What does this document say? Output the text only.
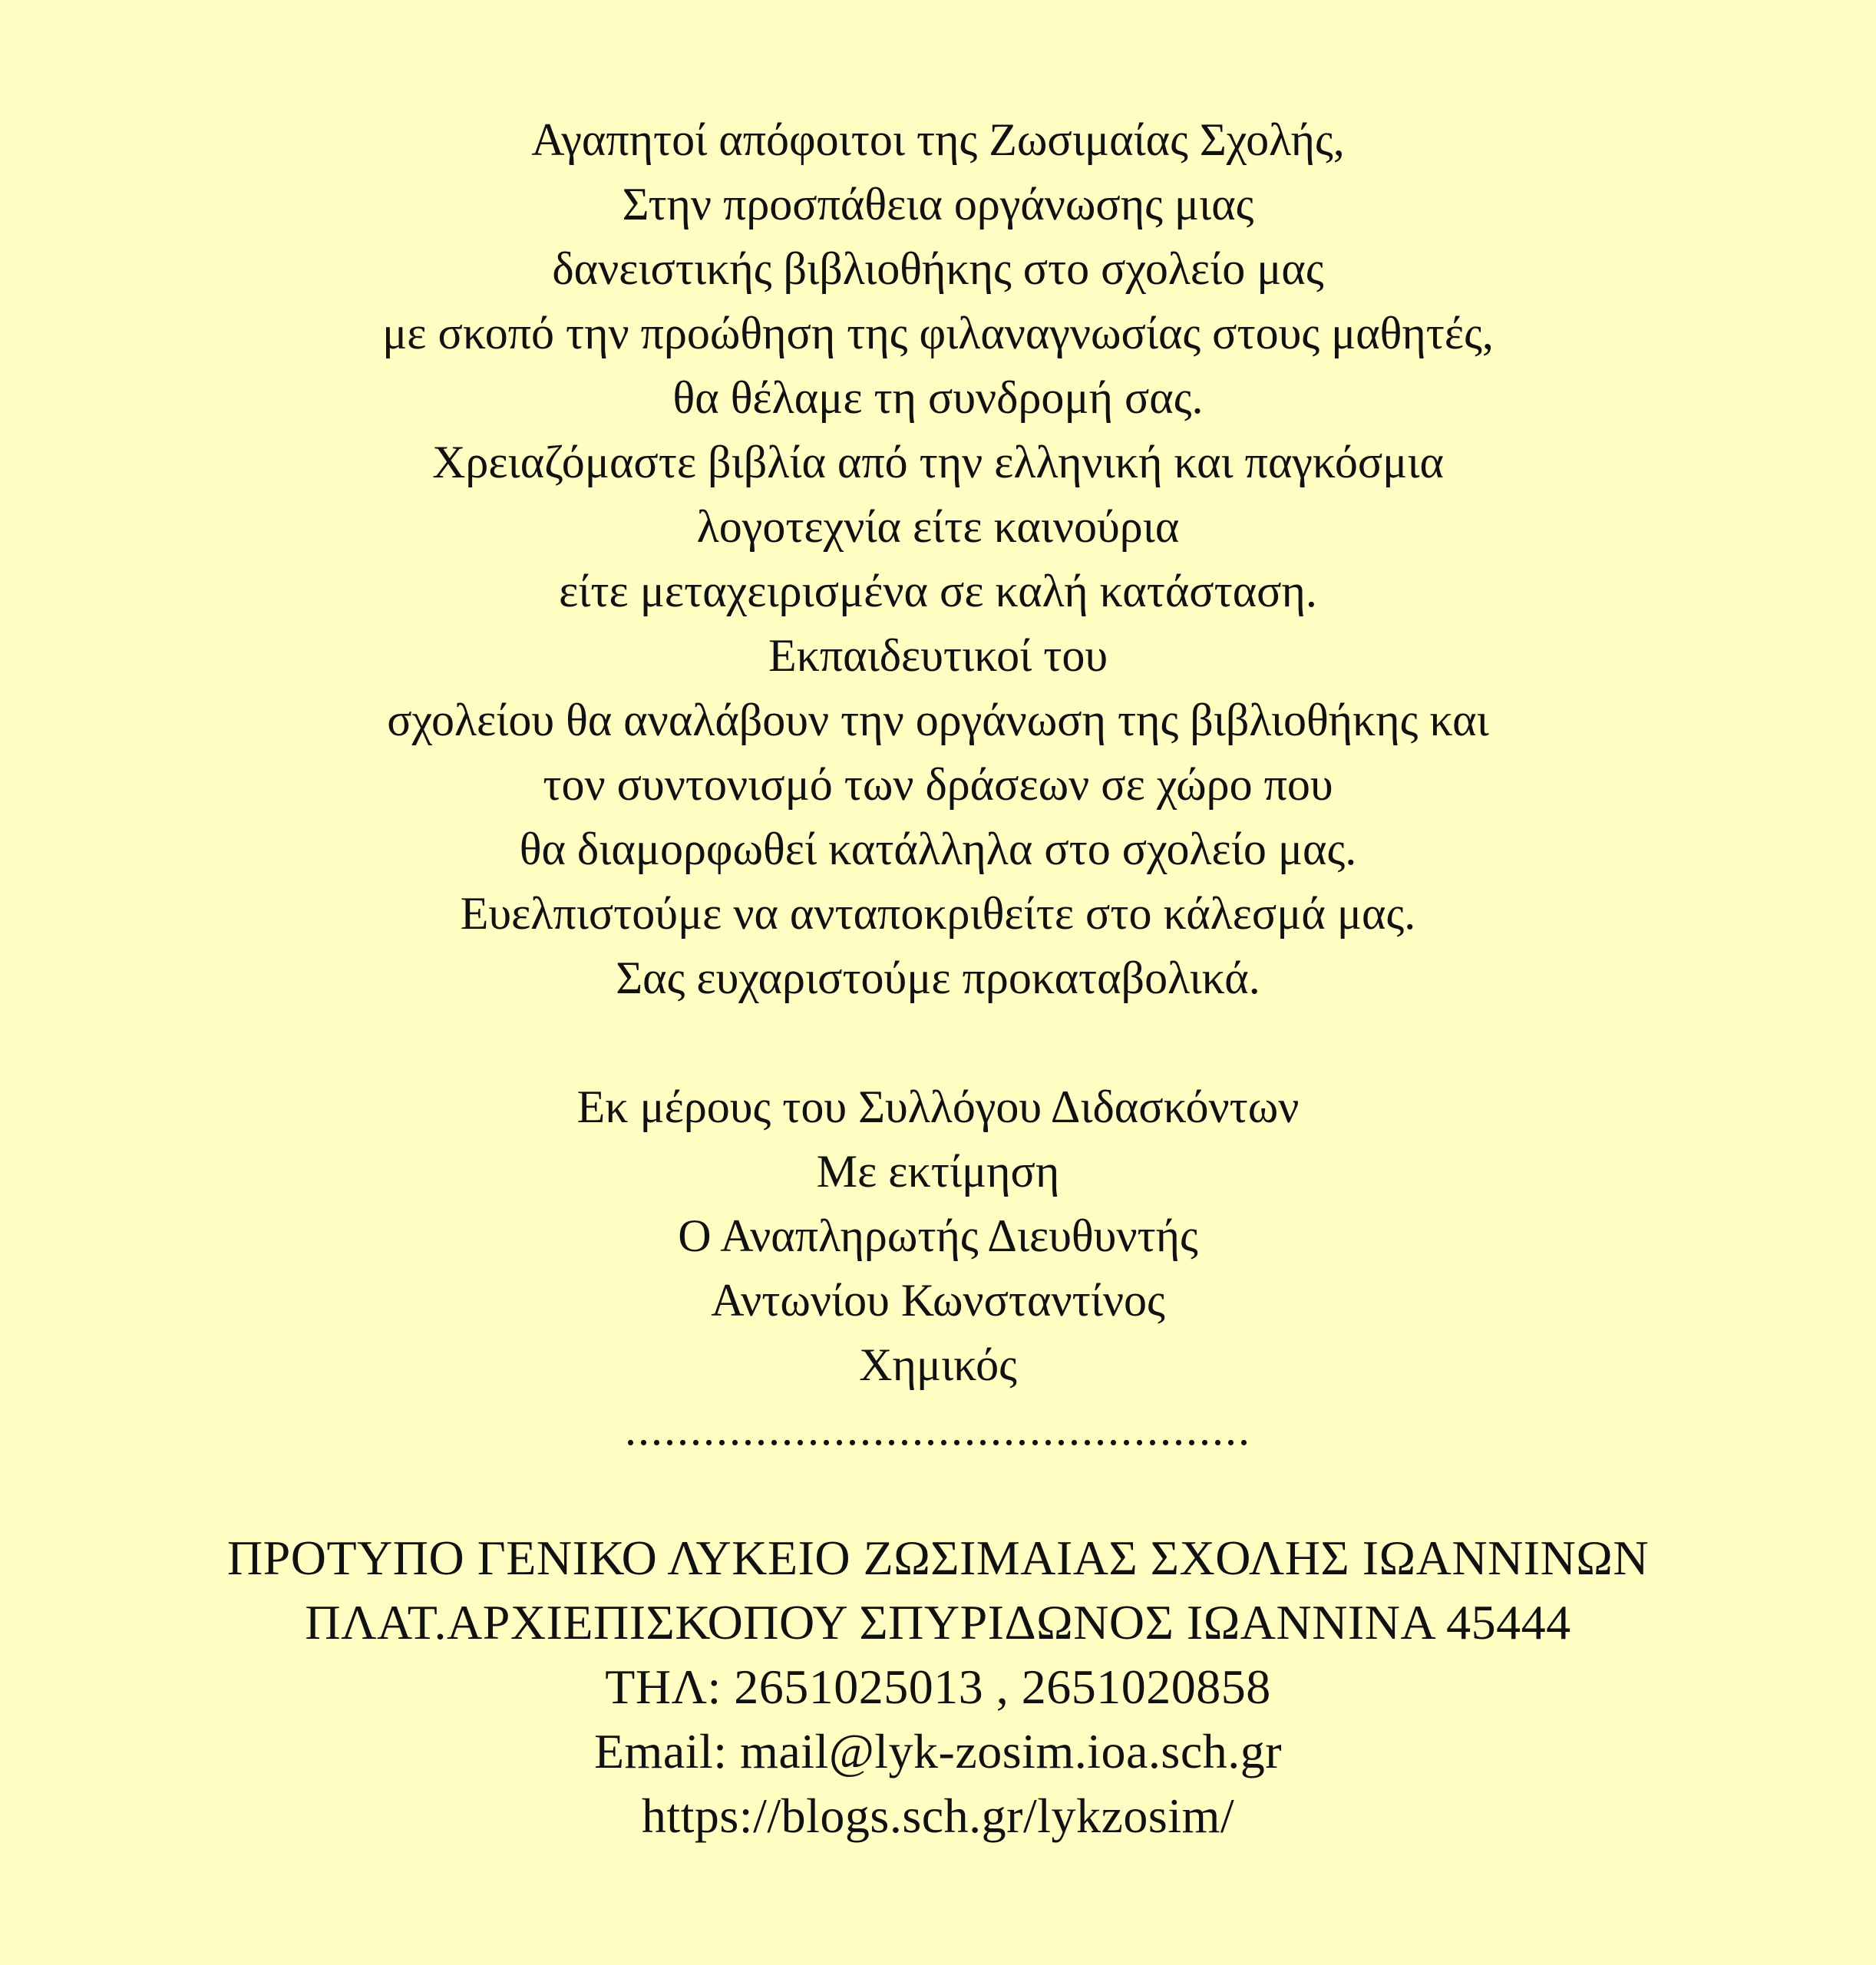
Αγαπητοί απόφοιτοι της Ζωσιμαίας Σχολής,
Στην προσπάθεια οργάνωσης μιας
δανειστικής βιβλιοθήκης στο σχολείο μας
με σκοπό την προώθηση της φιλαναγνωσίας στους μαθητές,
θα θέλαμε τη συνδρομή σας.
Χρειαζόμαστε βιβλία από την ελληνική και παγκόσμια
λογοτεχνία είτε καινούρια
είτε μεταχειρισμένα σε καλή κατάσταση.
Εκπαιδευτικοί του
σχολείου θα αναλάβουν την οργάνωση της βιβλιοθήκης και
τον συντονισμό των δράσεων σε χώρο που
θα διαμορφωθεί κατάλληλα στο σχολείο μας.
Ευελπιστούμε να ανταποκριθείτε στο κάλεσμά μας.
Σας ευχαριστούμε προκαταβολικά.
Εκ μέρους του Συλλόγου Διδασκόντων
Με εκτίμηση
Ο Αναπληρωτής Διευθυντής
Αντωνίου Κωνσταντίνος
Χημικός
................................................
ΠΡΟΤΥΠΟ ΓΕΝΙΚΟ ΛΥΚΕΙΟ ΖΩΣΙΜΑΙΑΣ ΣΧΟΛΗΣ ΙΩΑΝΝΙΝΩΝ
ΠΛΑΤ.ΑΡΧΙΕΠΙΣΚΟΠΟΥ ΣΠΥΡΙΔΩΝΟΣ ΙΩΑΝΝΙΝΑ 45444
ΤΗΛ: 2651025013 , 2651020858
Email: mail@lyk-zosim.ioa.sch.gr
https://blogs.sch.gr/lykzosim/
